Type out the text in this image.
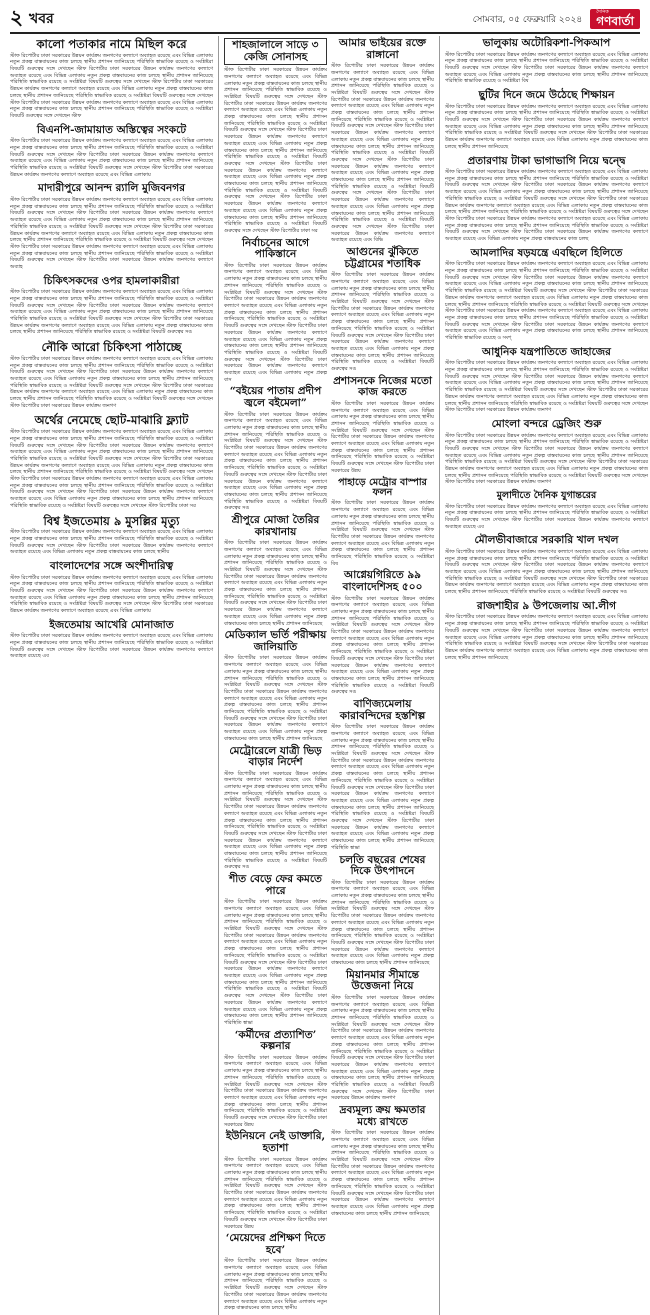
২ খবর	সোমবার, ০৫ ফেব্রুয়ারি ২০২৪
দৈনিক
গণবার্তা
কালো পতাকার নামে মিছিল করে
স্টাফ রিপোর্টার ঢাকা সরকারের উন্নয়ন কার্যক্রম জনগণের কল্যাণে অব্যাহত রয়েছে এবং বিভিন্ন এলাকায় নতুন প্রকল্প বাস্তবায়নের কাজ চলছে স্থানীয় প্রশাসন জানিয়েছে পরিস্থিতি স্বাভাবিক রয়েছে ও সংশ্লিষ্টরা বিষয়টি গুরুত্বের সঙ্গে দেখছেন স্টাফ রিপোর্টার ঢাকা সরকারের উন্নয়ন কার্যক্রম জনগণের কল্যাণে অব্যাহত রয়েছে এবং বিভিন্ন এলাকায় নতুন প্রকল্প বাস্তবায়নের কাজ চলছে স্থানীয় প্রশাসন জানিয়েছে পরিস্থিতি স্বাভাবিক রয়েছে ও সংশ্লিষ্টরা বিষয়টি গুরুত্বের সঙ্গে দেখছেন স্টাফ রিপোর্টার ঢাকা সরকারের উন্নয়ন কার্যক্রম জনগণের কল্যাণে অব্যাহত রয়েছে এবং বিভিন্ন এলাকায় নতুন প্রকল্প বাস্তবায়নের কাজ চলছে স্থানীয় প্রশাসন জানিয়েছে পরিস্থিতি স্বাভাবিক রয়েছে ও সংশ্লিষ্টরা বিষয়টি গুরুত্বের সঙ্গে দেখছেন স্টাফ রিপোর্টার ঢাকা সরকারের উন্নয়ন কার্যক্রম জনগণের কল্যাণে অব্যাহত রয়েছে এবং বিভিন্ন এলাকায় নতুন প্রকল্প বাস্তবায়নের কাজ চলছে স্থানীয় প্রশাসন জানিয়েছে পরিস্থিতি স্বাভাবিক রয়েছে ও সংশ্লিষ্টরা বিষয়টি গুরুত্বের সঙ্গে দেখছেন স্টাফ
বিএনপি-জামায়াত অস্তিত্বের সংকটে
স্টাফ রিপোর্টার ঢাকা সরকারের উন্নয়ন কার্যক্রম জনগণের কল্যাণে অব্যাহত রয়েছে এবং বিভিন্ন এলাকায় নতুন প্রকল্প বাস্তবায়নের কাজ চলছে স্থানীয় প্রশাসন জানিয়েছে পরিস্থিতি স্বাভাবিক রয়েছে ও সংশ্লিষ্টরা বিষয়টি গুরুত্বের সঙ্গে দেখছেন স্টাফ রিপোর্টার ঢাকা সরকারের উন্নয়ন কার্যক্রম জনগণের কল্যাণে অব্যাহত রয়েছে এবং বিভিন্ন এলাকায় নতুন প্রকল্প বাস্তবায়নের কাজ চলছে স্থানীয় প্রশাসন জানিয়েছে পরিস্থিতি স্বাভাবিক রয়েছে ও সংশ্লিষ্টরা বিষয়টি গুরুত্বের সঙ্গে দেখছেন স্টাফ রিপোর্টার ঢাকা সরকারের উন্নয়ন কার্যক্রম জনগণের কল্যাণে অব্যাহত রয়েছে এবং বিভিন্ন এলাকায়
মাদারীপুরে আনন্দ র‍্যালি মুজিবনগর
স্টাফ রিপোর্টার ঢাকা সরকারের উন্নয়ন কার্যক্রম জনগণের কল্যাণে অব্যাহত রয়েছে এবং বিভিন্ন এলাকায় নতুন প্রকল্প বাস্তবায়নের কাজ চলছে স্থানীয় প্রশাসন জানিয়েছে পরিস্থিতি স্বাভাবিক রয়েছে ও সংশ্লিষ্টরা বিষয়টি গুরুত্বের সঙ্গে দেখছেন স্টাফ রিপোর্টার ঢাকা সরকারের উন্নয়ন কার্যক্রম জনগণের কল্যাণে অব্যাহত রয়েছে এবং বিভিন্ন এলাকায় নতুন প্রকল্প বাস্তবায়নের কাজ চলছে স্থানীয় প্রশাসন জানিয়েছে পরিস্থিতি স্বাভাবিক রয়েছে ও সংশ্লিষ্টরা বিষয়টি গুরুত্বের সঙ্গে দেখছেন স্টাফ রিপোর্টার ঢাকা সরকারের উন্নয়ন কার্যক্রম জনগণের কল্যাণে অব্যাহত রয়েছে এবং বিভিন্ন এলাকায় নতুন প্রকল্প বাস্তবায়নের কাজ চলছে স্থানীয় প্রশাসন জানিয়েছে পরিস্থিতি স্বাভাবিক রয়েছে ও সংশ্লিষ্টরা বিষয়টি গুরুত্বের সঙ্গে দেখছেন স্টাফ রিপোর্টার ঢাকা সরকারের উন্নয়ন কার্যক্রম জনগণের কল্যাণে অব্যাহত রয়েছে এবং বিভিন্ন এলাকায় নতুন প্রকল্প বাস্তবায়নের কাজ চলছে স্থানীয় প্রশাসন জানিয়েছে পরিস্থিতি স্বাভাবিক রয়েছে ও সংশ্লিষ্টরা বিষয়টি গুরুত্বের সঙ্গে দেখছেন স্টাফ রিপোর্টার ঢাকা সরকারের উন্নয়ন কার্যক্রম জনগণের কল্যাণে অব্যাহ
চিকিৎসকদের ওপর হামলাকারীরা
স্টাফ রিপোর্টার ঢাকা সরকারের উন্নয়ন কার্যক্রম জনগণের কল্যাণে অব্যাহত রয়েছে এবং বিভিন্ন এলাকায় নতুন প্রকল্প বাস্তবায়নের কাজ চলছে স্থানীয় প্রশাসন জানিয়েছে পরিস্থিতি স্বাভাবিক রয়েছে ও সংশ্লিষ্টরা বিষয়টি গুরুত্বের সঙ্গে দেখছেন স্টাফ রিপোর্টার ঢাকা সরকারের উন্নয়ন কার্যক্রম জনগণের কল্যাণে অব্যাহত রয়েছে এবং বিভিন্ন এলাকায় নতুন প্রকল্প বাস্তবায়নের কাজ চলছে স্থানীয় প্রশাসন জানিয়েছে পরিস্থিতি স্বাভাবিক রয়েছে ও সংশ্লিষ্টরা বিষয়টি গুরুত্বের সঙ্গে দেখছেন স্টাফ রিপোর্টার ঢাকা সরকারের উন্নয়ন কার্যক্রম জনগণের কল্যাণে অব্যাহত রয়েছে এবং বিভিন্ন এলাকায় নতুন প্রকল্প বাস্তবায়নের কাজ চলছে স্থানীয় প্রশাসন জানিয়েছে পরিস্থিতি স্বাভাবিক রয়েছে ও সংশ্লিষ্টরা বিষয়টি গুরুত্বের সঙ
নৌকি আরো চিকিৎসা পাঠাচ্ছে
স্টাফ রিপোর্টার ঢাকা সরকারের উন্নয়ন কার্যক্রম জনগণের কল্যাণে অব্যাহত রয়েছে এবং বিভিন্ন এলাকায় নতুন প্রকল্প বাস্তবায়নের কাজ চলছে স্থানীয় প্রশাসন জানিয়েছে পরিস্থিতি স্বাভাবিক রয়েছে ও সংশ্লিষ্টরা বিষয়টি গুরুত্বের সঙ্গে দেখছেন স্টাফ রিপোর্টার ঢাকা সরকারের উন্নয়ন কার্যক্রম জনগণের কল্যাণে অব্যাহত রয়েছে এবং বিভিন্ন এলাকায় নতুন প্রকল্প বাস্তবায়নের কাজ চলছে স্থানীয় প্রশাসন জানিয়েছে পরিস্থিতি স্বাভাবিক রয়েছে ও সংশ্লিষ্টরা বিষয়টি গুরুত্বের সঙ্গে দেখছেন স্টাফ রিপোর্টার ঢাকা সরকারের উন্নয়ন কার্যক্রম জনগণের কল্যাণে অব্যাহত রয়েছে এবং বিভিন্ন এলাকায় নতুন প্রকল্প বাস্তবায়নের কাজ চলছে স্থানীয় প্রশাসন জানিয়েছে পরিস্থিতি স্বাভাবিক রয়েছে ও সংশ্লিষ্টরা বিষয়টি গুরুত্বের সঙ্গে দেখছেন স্টাফ রিপোর্টার ঢাকা সরকারের উন্নয়ন কার্যক্রম জনগণ
অর্থের নেমেছে ছোট-মাঝারি ফ্ল্যাট
স্টাফ রিপোর্টার ঢাকা সরকারের উন্নয়ন কার্যক্রম জনগণের কল্যাণে অব্যাহত রয়েছে এবং বিভিন্ন এলাকায় নতুন প্রকল্প বাস্তবায়নের কাজ চলছে স্থানীয় প্রশাসন জানিয়েছে পরিস্থিতি স্বাভাবিক রয়েছে ও সংশ্লিষ্টরা বিষয়টি গুরুত্বের সঙ্গে দেখছেন স্টাফ রিপোর্টার ঢাকা সরকারের উন্নয়ন কার্যক্রম জনগণের কল্যাণে অব্যাহত রয়েছে এবং বিভিন্ন এলাকায় নতুন প্রকল্প বাস্তবায়নের কাজ চলছে স্থানীয় প্রশাসন জানিয়েছে পরিস্থিতি স্বাভাবিক রয়েছে ও সংশ্লিষ্টরা বিষয়টি গুরুত্বের সঙ্গে দেখছেন স্টাফ রিপোর্টার ঢাকা সরকারের উন্নয়ন কার্যক্রম জনগণের কল্যাণে অব্যাহত রয়েছে এবং বিভিন্ন এলাকায় নতুন প্রকল্প বাস্তবায়নের কাজ চলছে স্থানীয় প্রশাসন জানিয়েছে পরিস্থিতি স্বাভাবিক রয়েছে ও সংশ্লিষ্টরা বিষয়টি গুরুত্বের সঙ্গে দেখছেন স্টাফ রিপোর্টার ঢাকা সরকারের উন্নয়ন কার্যক্রম জনগণের কল্যাণে অব্যাহত রয়েছে এবং বিভিন্ন এলাকায় নতুন প্রকল্প বাস্তবায়নের কাজ চলছে স্থানীয় প্রশাসন জানিয়েছে পরিস্থিতি স্বাভাবিক রয়েছে ও সংশ্লিষ্টরা বিষয়টি গুরুত্বের সঙ্গে দেখছেন স্টাফ রিপোর্টার ঢাকা সরকারের উন্নয়ন কার্যক্রম জনগণের কল্যাণে অব্যাহত রয়েছে এবং বিভিন্ন এলাকায় নতুন প্রকল্প বাস্তবায়নের কাজ চলছে স্থানীয় প্রশাসন জানিয়েছে পরিস্থিতি স্বাভাবিক রয়েছে ও সংশ্লিষ্টরা বিষয়টি গুরুত্বের সঙ্গে দেখছেন স্টাফ রিপোর্টার ঢাকা সর
বিশ্ব ইজতেমায় ৯ মুসল্লির মৃত্যু
স্টাফ রিপোর্টার ঢাকা সরকারের উন্নয়ন কার্যক্রম জনগণের কল্যাণে অব্যাহত রয়েছে এবং বিভিন্ন এলাকায় নতুন প্রকল্প বাস্তবায়নের কাজ চলছে স্থানীয় প্রশাসন জানিয়েছে পরিস্থিতি স্বাভাবিক রয়েছে ও সংশ্লিষ্টরা বিষয়টি গুরুত্বের সঙ্গে দেখছেন স্টাফ রিপোর্টার ঢাকা সরকারের উন্নয়ন কার্যক্রম জনগণের কল্যাণে অব্যাহত রয়েছে এবং বিভিন্ন এলাকায় নতুন প্রকল্প বাস্তবায়নের কাজ চলছে স্থানীয়
বাংলাদেশের সঙ্গে অংশীদারিত্ব
স্টাফ রিপোর্টার ঢাকা সরকারের উন্নয়ন কার্যক্রম জনগণের কল্যাণে অব্যাহত রয়েছে এবং বিভিন্ন এলাকায় নতুন প্রকল্প বাস্তবায়নের কাজ চলছে স্থানীয় প্রশাসন জানিয়েছে পরিস্থিতি স্বাভাবিক রয়েছে ও সংশ্লিষ্টরা বিষয়টি গুরুত্বের সঙ্গে দেখছেন স্টাফ রিপোর্টার ঢাকা সরকারের উন্নয়ন কার্যক্রম জনগণের কল্যাণে অব্যাহত রয়েছে এবং বিভিন্ন এলাকায় নতুন প্রকল্প বাস্তবায়নের কাজ চলছে স্থানীয় প্রশাসন জানিয়েছে পরিস্থিতি স্বাভাবিক রয়েছে ও সংশ্লিষ্টরা বিষয়টি গুরুত্বের সঙ্গে দেখছেন স্টাফ রিপোর্টার ঢাকা সরকারের উন্নয়ন কার্যক্রম জনগণের কল্যাণে অব্যাহত রয়েছে এবং বিভিন্ন এলাকায়
ইজতেমায় আখেরি মোনাজাত
স্টাফ রিপোর্টার ঢাকা সরকারের উন্নয়ন কার্যক্রম জনগণের কল্যাণে অব্যাহত রয়েছে এবং বিভিন্ন এলাকায় নতুন প্রকল্প বাস্তবায়নের কাজ চলছে স্থানীয় প্রশাসন জানিয়েছে পরিস্থিতি স্বাভাবিক রয়েছে ও সংশ্লিষ্টরা বিষয়টি গুরুত্বের সঙ্গে দেখছেন স্টাফ রিপোর্টার ঢাকা সরকারের উন্নয়ন কার্যক্রম জনগণের কল্যাণে অব্যাহত রয়েছে এব
শাহজালালে সাড়ে ৩ কেজি সোনাসহ
স্টাফ রিপোর্টার ঢাকা সরকারের উন্নয়ন কার্যক্রম জনগণের কল্যাণে অব্যাহত রয়েছে এবং বিভিন্ন এলাকায় নতুন প্রকল্প বাস্তবায়নের কাজ চলছে স্থানীয় প্রশাসন জানিয়েছে পরিস্থিতি স্বাভাবিক রয়েছে ও সংশ্লিষ্টরা বিষয়টি গুরুত্বের সঙ্গে দেখছেন স্টাফ রিপোর্টার ঢাকা সরকারের উন্নয়ন কার্যক্রম জনগণের কল্যাণে অব্যাহত রয়েছে এবং বিভিন্ন এলাকায় নতুন প্রকল্প বাস্তবায়নের কাজ চলছে স্থানীয় প্রশাসন জানিয়েছে পরিস্থিতি স্বাভাবিক রয়েছে ও সংশ্লিষ্টরা বিষয়টি গুরুত্বের সঙ্গে দেখছেন স্টাফ রিপোর্টার ঢাকা সরকারের উন্নয়ন কার্যক্রম জনগণের কল্যাণে অব্যাহত রয়েছে এবং বিভিন্ন এলাকায় নতুন প্রকল্প বাস্তবায়নের কাজ চলছে স্থানীয় প্রশাসন জানিয়েছে পরিস্থিতি স্বাভাবিক রয়েছে ও সংশ্লিষ্টরা বিষয়টি গুরুত্বের সঙ্গে দেখছেন স্টাফ রিপোর্টার ঢাকা সরকারের উন্নয়ন কার্যক্রম জনগণের কল্যাণে অব্যাহত রয়েছে এবং বিভিন্ন এলাকায় নতুন প্রকল্প বাস্তবায়নের কাজ চলছে স্থানীয় প্রশাসন জানিয়েছে পরিস্থিতি স্বাভাবিক রয়েছে ও সংশ্লিষ্টরা বিষয়টি গুরুত্বের সঙ্গে দেখছেন স্টাফ রিপোর্টার ঢাকা সরকারের উন্নয়ন কার্যক্রম জনগণের কল্যাণে অব্যাহত রয়েছে এবং বিভিন্ন এলাকায় নতুন প্রকল্প বাস্তবায়নের কাজ চলছে স্থানীয় প্রশাসন জানিয়েছে পরিস্থিতি স্বাভাবিক রয়েছে ও সংশ্লিষ্টরা বিষয়টি গুরুত্বের সঙ্গে দেখছেন স্টাফ রিপোর্টার ঢাকা সর
নির্বাচনের আগে পাকিস্তানে
স্টাফ রিপোর্টার ঢাকা সরকারের উন্নয়ন কার্যক্রম জনগণের কল্যাণে অব্যাহত রয়েছে এবং বিভিন্ন এলাকায় নতুন প্রকল্প বাস্তবায়নের কাজ চলছে স্থানীয় প্রশাসন জানিয়েছে পরিস্থিতি স্বাভাবিক রয়েছে ও সংশ্লিষ্টরা বিষয়টি গুরুত্বের সঙ্গে দেখছেন স্টাফ রিপোর্টার ঢাকা সরকারের উন্নয়ন কার্যক্রম জনগণের কল্যাণে অব্যাহত রয়েছে এবং বিভিন্ন এলাকায় নতুন প্রকল্প বাস্তবায়নের কাজ চলছে স্থানীয় প্রশাসন জানিয়েছে পরিস্থিতি স্বাভাবিক রয়েছে ও সংশ্লিষ্টরা বিষয়টি গুরুত্বের সঙ্গে দেখছেন স্টাফ রিপোর্টার ঢাকা সরকারের উন্নয়ন কার্যক্রম জনগণের কল্যাণে অব্যাহত রয়েছে এবং বিভিন্ন এলাকায় নতুন প্রকল্প বাস্তবায়নের কাজ চলছে স্থানীয় প্রশাসন জানিয়েছে পরিস্থিতি স্বাভাবিক রয়েছে ও সংশ্লিষ্টরা বিষয়টি গুরুত্বের সঙ্গে দেখছেন স্টাফ রিপোর্টার ঢাকা সরকারের উন্নয়ন কার্যক্রম জনগণের কল্যাণে অব্যাহত রয়েছে এবং বিভিন্ন এলাকায় নতুন প্রকল্প বাস
“বইয়ের পাতায় প্রদীপ জ্বলে বইমেলা”
স্টাফ রিপোর্টার ঢাকা সরকারের উন্নয়ন কার্যক্রম জনগণের কল্যাণে অব্যাহত রয়েছে এবং বিভিন্ন এলাকায় নতুন প্রকল্প বাস্তবায়নের কাজ চলছে স্থানীয় প্রশাসন জানিয়েছে পরিস্থিতি স্বাভাবিক রয়েছে ও সংশ্লিষ্টরা বিষয়টি গুরুত্বের সঙ্গে দেখছেন স্টাফ রিপোর্টার ঢাকা সরকারের উন্নয়ন কার্যক্রম জনগণের কল্যাণে অব্যাহত রয়েছে এবং বিভিন্ন এলাকায় নতুন প্রকল্প বাস্তবায়নের কাজ চলছে স্থানীয় প্রশাসন জানিয়েছে পরিস্থিতি স্বাভাবিক রয়েছে ও সংশ্লিষ্টরা বিষয়টি গুরুত্বের সঙ্গে দেখছেন স্টাফ রিপোর্টার ঢাকা সরকারের উন্নয়ন কার্যক্রম জনগণের কল্যাণে অব্যাহত রয়েছে এবং বিভিন্ন এলাকায় নতুন প্রকল্প বাস্তবায়নের কাজ চলছে স্থানীয় প্রশাসন জানিয়েছে পরিস্থিতি স্বাভাবিক রয়েছে ও সংশ্লিষ্টরা বিষয়টি গুরুত্বের সঙ
শ্রীপুরে মোজা তৈরির কারখানায়
স্টাফ রিপোর্টার ঢাকা সরকারের উন্নয়ন কার্যক্রম জনগণের কল্যাণে অব্যাহত রয়েছে এবং বিভিন্ন এলাকায় নতুন প্রকল্প বাস্তবায়নের কাজ চলছে স্থানীয় প্রশাসন জানিয়েছে পরিস্থিতি স্বাভাবিক রয়েছে ও সংশ্লিষ্টরা বিষয়টি গুরুত্বের সঙ্গে দেখছেন স্টাফ রিপোর্টার ঢাকা সরকারের উন্নয়ন কার্যক্রম জনগণের কল্যাণে অব্যাহত রয়েছে এবং বিভিন্ন এলাকায় নতুন প্রকল্প বাস্তবায়নের কাজ চলছে স্থানীয় প্রশাসন জানিয়েছে পরিস্থিতি স্বাভাবিক রয়েছে ও সংশ্লিষ্টরা বিষয়টি গুরুত্বের সঙ্গে দেখছেন স্টাফ রিপোর্টার ঢাকা সরকারের উন্নয়ন কার্যক্রম জনগণের কল্যাণে অব্যাহত রয়েছে এবং বিভিন্ন এলাকায় নতুন প্রকল্প বাস্তবায়নের কাজ চলছে স্থানীয় প্রশাসন জানিয়েছে
মেডিক্যাল ভর্তি পরীক্ষায় জালিয়াতি
স্টাফ রিপোর্টার ঢাকা সরকারের উন্নয়ন কার্যক্রম জনগণের কল্যাণে অব্যাহত রয়েছে এবং বিভিন্ন এলাকায় নতুন প্রকল্প বাস্তবায়নের কাজ চলছে স্থানীয় প্রশাসন জানিয়েছে পরিস্থিতি স্বাভাবিক রয়েছে ও সংশ্লিষ্টরা বিষয়টি গুরুত্বের সঙ্গে দেখছেন স্টাফ রিপোর্টার ঢাকা সরকারের উন্নয়ন কার্যক্রম জনগণের কল্যাণে অব্যাহত রয়েছে এবং বিভিন্ন এলাকায় নতুন প্রকল্প বাস্তবায়নের কাজ চলছে স্থানীয় প্রশাসন জানিয়েছে পরিস্থিতি স্বাভাবিক রয়েছে ও সংশ্লিষ্টরা বিষয়টি গুরুত্বের সঙ্গে দেখছেন স্টাফ রিপোর্টার ঢাকা সরকারের উন্নয়ন কার্যক্রম জনগণের কল্যাণে অব্যাহত রয়েছে এবং বিভিন্ন এলাকায় নতুন প্রকল্প বাস্তবায়নের কাজ চলছে স্থানীয় প্রশাসন জানিয়েছে
মেট্রোরেলে যাত্রী ভিড় বাড়ার নির্দেশ
স্টাফ রিপোর্টার ঢাকা সরকারের উন্নয়ন কার্যক্রম জনগণের কল্যাণে অব্যাহত রয়েছে এবং বিভিন্ন এলাকায় নতুন প্রকল্প বাস্তবায়নের কাজ চলছে স্থানীয় প্রশাসন জানিয়েছে পরিস্থিতি স্বাভাবিক রয়েছে ও সংশ্লিষ্টরা বিষয়টি গুরুত্বের সঙ্গে দেখছেন স্টাফ রিপোর্টার ঢাকা সরকারের উন্নয়ন কার্যক্রম জনগণের কল্যাণে অব্যাহত রয়েছে এবং বিভিন্ন এলাকায় নতুন প্রকল্প বাস্তবায়নের কাজ চলছে স্থানীয় প্রশাসন জানিয়েছে পরিস্থিতি স্বাভাবিক রয়েছে ও সংশ্লিষ্টরা বিষয়টি গুরুত্বের সঙ্গে দেখছেন স্টাফ রিপোর্টার ঢাকা সরকারের উন্নয়ন কার্যক্রম জনগণের কল্যাণে অব্যাহত রয়েছে এবং বিভিন্ন এলাকায় নতুন প্রকল্প বাস্তবায়নের কাজ চলছে স্থানীয় প্রশাসন জানিয়েছে পরিস্থিতি স্বাভাবিক রয়েছে ও সংশ্লিষ্টরা বিষয়টি গুরুত্বের সঙ
শীত বেড়ে ফের কমতে পারে
স্টাফ রিপোর্টার ঢাকা সরকারের উন্নয়ন কার্যক্রম জনগণের কল্যাণে অব্যাহত রয়েছে এবং বিভিন্ন এলাকায় নতুন প্রকল্প বাস্তবায়নের কাজ চলছে স্থানীয় প্রশাসন জানিয়েছে পরিস্থিতি স্বাভাবিক রয়েছে ও সংশ্লিষ্টরা বিষয়টি গুরুত্বের সঙ্গে দেখছেন স্টাফ রিপোর্টার ঢাকা সরকারের উন্নয়ন কার্যক্রম জনগণের কল্যাণে অব্যাহত রয়েছে এবং বিভিন্ন এলাকায় নতুন প্রকল্প বাস্তবায়নের কাজ চলছে স্থানীয় প্রশাসন জানিয়েছে পরিস্থিতি স্বাভাবিক রয়েছে ও সংশ্লিষ্টরা বিষয়টি গুরুত্বের সঙ্গে দেখছেন স্টাফ রিপোর্টার ঢাকা সরকারের উন্নয়ন কার্যক্রম জনগণের কল্যাণে অব্যাহত রয়েছে এবং বিভিন্ন এলাকায় নতুন প্রকল্প বাস্তবায়নের কাজ চলছে স্থানীয় প্রশাসন জানিয়েছে পরিস্থিতি স্বাভাবিক রয়েছে ও সংশ্লিষ্টরা বিষয়টি গুরুত্বের সঙ্গে দেখছেন স্টাফ রিপোর্টার ঢাকা সরকারের উন্নয়ন কার্যক্রম জনগণের কল্যাণে অব্যাহত রয়েছে এবং বিভিন্ন এলাকায় নতুন প্রকল্প বাস্তবায়নের কাজ চলছে স্থানীয় প্রশাসন জানিয়েছে পরিস্থিতি স্বাভা
‘কর্মীদের প্রত্যাশিত’ কল্পনার
স্টাফ রিপোর্টার ঢাকা সরকারের উন্নয়ন কার্যক্রম জনগণের কল্যাণে অব্যাহত রয়েছে এবং বিভিন্ন এলাকায় নতুন প্রকল্প বাস্তবায়নের কাজ চলছে স্থানীয় প্রশাসন জানিয়েছে পরিস্থিতি স্বাভাবিক রয়েছে ও সংশ্লিষ্টরা বিষয়টি গুরুত্বের সঙ্গে দেখছেন স্টাফ রিপোর্টার ঢাকা সরকারের উন্নয়ন কার্যক্রম জনগণের কল্যাণে অব্যাহত রয়েছে এবং বিভিন্ন এলাকায় নতুন প্রকল্প বাস্তবায়নের কাজ চলছে স্থানীয় প্রশাসন জানিয়েছে পরিস্থিতি স্বাভাবিক রয়েছে ও সংশ্লিষ্টরা বিষয়টি গুরুত্বের সঙ্গে দেখছেন স্টাফ রিপোর্টার ঢাকা সরকারের উন্নয
ইউনিয়নে নেই ডাক্তারি, হতাশা
স্টাফ রিপোর্টার ঢাকা সরকারের উন্নয়ন কার্যক্রম জনগণের কল্যাণে অব্যাহত রয়েছে এবং বিভিন্ন এলাকায় নতুন প্রকল্প বাস্তবায়নের কাজ চলছে স্থানীয় প্রশাসন জানিয়েছে পরিস্থিতি স্বাভাবিক রয়েছে ও সংশ্লিষ্টরা বিষয়টি গুরুত্বের সঙ্গে দেখছেন স্টাফ রিপোর্টার ঢাকা সরকারের উন্নয়ন কার্যক্রম জনগণের কল্যাণে অব্যাহত রয়েছে এবং বিভিন্ন এলাকায় নতুন প্রকল্প বাস্তবায়নের কাজ চলছে স্থানীয় প্রশাসন জানিয়েছে পরিস্থিতি স্বাভাবিক রয়েছে ও সংশ্লিষ্টরা বিষয়টি গুরুত্বের সঙ্গে দেখছেন স্টাফ রিপোর্টার ঢাকা সরকারের উন্নয
‘মেয়েদের প্রশিক্ষণ দিতে হবে’
স্টাফ রিপোর্টার ঢাকা সরকারের উন্নয়ন কার্যক্রম জনগণের কল্যাণে অব্যাহত রয়েছে এবং বিভিন্ন এলাকায় নতুন প্রকল্প বাস্তবায়নের কাজ চলছে স্থানীয় প্রশাসন জানিয়েছে পরিস্থিতি স্বাভাবিক রয়েছে ও সংশ্লিষ্টরা বিষয়টি গুরুত্বের সঙ্গে দেখছেন স্টাফ রিপোর্টার ঢাকা সরকারের উন্নয়ন কার্যক্রম জনগণের কল্যাণে অব্যাহত রয়েছে এবং বিভিন্ন এলাকায় নতুন প্রকল্প বাস্তবায়নের কাজ চলছে স্থানীয়
আমার ভাইয়ের রক্তে রাঙ্গানো
স্টাফ রিপোর্টার ঢাকা সরকারের উন্নয়ন কার্যক্রম জনগণের কল্যাণে অব্যাহত রয়েছে এবং বিভিন্ন এলাকায় নতুন প্রকল্প বাস্তবায়নের কাজ চলছে স্থানীয় প্রশাসন জানিয়েছে পরিস্থিতি স্বাভাবিক রয়েছে ও সংশ্লিষ্টরা বিষয়টি গুরুত্বের সঙ্গে দেখছেন স্টাফ রিপোর্টার ঢাকা সরকারের উন্নয়ন কার্যক্রম জনগণের কল্যাণে অব্যাহত রয়েছে এবং বিভিন্ন এলাকায় নতুন প্রকল্প বাস্তবায়নের কাজ চলছে স্থানীয় প্রশাসন জানিয়েছে পরিস্থিতি স্বাভাবিক রয়েছে ও সংশ্লিষ্টরা বিষয়টি গুরুত্বের সঙ্গে দেখছেন স্টাফ রিপোর্টার ঢাকা সরকারের উন্নয়ন কার্যক্রম জনগণের কল্যাণে অব্যাহত রয়েছে এবং বিভিন্ন এলাকায় নতুন প্রকল্প বাস্তবায়নের কাজ চলছে স্থানীয় প্রশাসন জানিয়েছে পরিস্থিতি স্বাভাবিক রয়েছে ও সংশ্লিষ্টরা বিষয়টি গুরুত্বের সঙ্গে দেখছেন স্টাফ রিপোর্টার ঢাকা সরকারের উন্নয়ন কার্যক্রম জনগণের কল্যাণে অব্যাহত রয়েছে এবং বিভিন্ন এলাকায় নতুন প্রকল্প বাস্তবায়নের কাজ চলছে স্থানীয় প্রশাসন জানিয়েছে পরিস্থিতি স্বাভাবিক রয়েছে ও সংশ্লিষ্টরা বিষয়টি গুরুত্বের সঙ্গে দেখছেন স্টাফ রিপোর্টার ঢাকা সরকারের উন্নয়ন কার্যক্রম জনগণের কল্যাণে অব্যাহত রয়েছে এবং বিভিন্ন এলাকায় নতুন প্রকল্প বাস্তবায়নের কাজ চলছে স্থানীয় প্রশাসন জানিয়েছে পরিস্থিতি স্বাভাবিক রয়েছে ও সংশ্লিষ্টরা বিষয়টি গুরুত্বের সঙ্গে দেখছেন স্টাফ রিপোর্টার ঢাকা সরকারের উন্নয়ন কার্যক্রম জনগণের কল্যাণে অব্যাহত রয়েছে এবং বিভি
আগুনের ঝুঁকিতে চট্টগ্রামের শতাধিক
স্টাফ রিপোর্টার ঢাকা সরকারের উন্নয়ন কার্যক্রম জনগণের কল্যাণে অব্যাহত রয়েছে এবং বিভিন্ন এলাকায় নতুন প্রকল্প বাস্তবায়নের কাজ চলছে স্থানীয় প্রশাসন জানিয়েছে পরিস্থিতি স্বাভাবিক রয়েছে ও সংশ্লিষ্টরা বিষয়টি গুরুত্বের সঙ্গে দেখছেন স্টাফ রিপোর্টার ঢাকা সরকারের উন্নয়ন কার্যক্রম জনগণের কল্যাণে অব্যাহত রয়েছে এবং বিভিন্ন এলাকায় নতুন প্রকল্প বাস্তবায়নের কাজ চলছে স্থানীয় প্রশাসন জানিয়েছে পরিস্থিতি স্বাভাবিক রয়েছে ও সংশ্লিষ্টরা বিষয়টি গুরুত্বের সঙ্গে দেখছেন স্টাফ রিপোর্টার ঢাকা সরকারের উন্নয়ন কার্যক্রম জনগণের কল্যাণে অব্যাহত রয়েছে এবং বিভিন্ন এলাকায় নতুন প্রকল্প বাস্তবায়নের কাজ চলছে স্থানীয় প্রশাসন জানিয়েছে পরিস্থিতি স্বাভাবিক রয়েছে ও সংশ্লিষ্টরা বিষয়টি গুরুত্বের সঙ
প্রশাসনকে নিজের মতো কাজ করতে
স্টাফ রিপোর্টার ঢাকা সরকারের উন্নয়ন কার্যক্রম জনগণের কল্যাণে অব্যাহত রয়েছে এবং বিভিন্ন এলাকায় নতুন প্রকল্প বাস্তবায়নের কাজ চলছে স্থানীয় প্রশাসন জানিয়েছে পরিস্থিতি স্বাভাবিক রয়েছে ও সংশ্লিষ্টরা বিষয়টি গুরুত্বের সঙ্গে দেখছেন স্টাফ রিপোর্টার ঢাকা সরকারের উন্নয়ন কার্যক্রম জনগণের কল্যাণে অব্যাহত রয়েছে এবং বিভিন্ন এলাকায় নতুন প্রকল্প বাস্তবায়নের কাজ চলছে স্থানীয় প্রশাসন জানিয়েছে পরিস্থিতি স্বাভাবিক রয়েছে ও সংশ্লিষ্টরা বিষয়টি গুরুত্বের সঙ্গে দেখছেন স্টাফ রিপোর্টার ঢাকা সরকারের উন্নয
পাহাড়ে মেট্রোর বাস্পার ফলন
স্টাফ রিপোর্টার ঢাকা সরকারের উন্নয়ন কার্যক্রম জনগণের কল্যাণে অব্যাহত রয়েছে এবং বিভিন্ন এলাকায় নতুন প্রকল্প বাস্তবায়নের কাজ চলছে স্থানীয় প্রশাসন জানিয়েছে পরিস্থিতি স্বাভাবিক রয়েছে ও সংশ্লিষ্টরা বিষয়টি গুরুত্বের সঙ্গে দেখছেন স্টাফ রিপোর্টার ঢাকা সরকারের উন্নয়ন কার্যক্রম জনগণের কল্যাণে অব্যাহত রয়েছে এবং বিভিন্ন এলাকায় নতুন প্রকল্প বাস্তবায়নের কাজ চলছে স্থানীয় প্রশাসন জানিয়েছে পরিস্থিতি স্বাভাবিক রয়েছে ও সংশ্লিষ্টরা বিষ
আগ্নেয়গিরিতে ৯৯ বাংলাদেশিসহ ৫০০
স্টাফ রিপোর্টার ঢাকা সরকারের উন্নয়ন কার্যক্রম জনগণের কল্যাণে অব্যাহত রয়েছে এবং বিভিন্ন এলাকায় নতুন প্রকল্প বাস্তবায়নের কাজ চলছে স্থানীয় প্রশাসন জানিয়েছে পরিস্থিতি স্বাভাবিক রয়েছে ও সংশ্লিষ্টরা বিষয়টি গুরুত্বের সঙ্গে দেখছেন স্টাফ রিপোর্টার ঢাকা সরকারের উন্নয়ন কার্যক্রম জনগণের কল্যাণে অব্যাহত রয়েছে এবং বিভিন্ন এলাকায় নতুন প্রকল্প বাস্তবায়নের কাজ চলছে স্থানীয় প্রশাসন জানিয়েছে পরিস্থিতি স্বাভাবিক রয়েছে ও সংশ্লিষ্টরা বিষয়টি গুরুত্বের সঙ্গে দেখছেন স্টাফ রিপোর্টার ঢাকা সরকারের উন্নয়ন কার্যক্রম জনগণের কল্যাণে অব্যাহত রয়েছে এবং বিভিন্ন এলাকায় নতুন প্রকল্প বাস্তবায়নের কাজ চলছে স্থানীয় প্রশাসন জানিয়েছে পরিস্থিতি স্বাভাবিক রয়েছে ও সংশ্লিষ্টরা বিষয়টি গুরুত্বের সঙ
বাণিজ্যমেলায় কারাবন্দিদের হস্তশিল্প
স্টাফ রিপোর্টার ঢাকা সরকারের উন্নয়ন কার্যক্রম জনগণের কল্যাণে অব্যাহত রয়েছে এবং বিভিন্ন এলাকায় নতুন প্রকল্প বাস্তবায়নের কাজ চলছে স্থানীয় প্রশাসন জানিয়েছে পরিস্থিতি স্বাভাবিক রয়েছে ও সংশ্লিষ্টরা বিষয়টি গুরুত্বের সঙ্গে দেখছেন স্টাফ রিপোর্টার ঢাকা সরকারের উন্নয়ন কার্যক্রম জনগণের কল্যাণে অব্যাহত রয়েছে এবং বিভিন্ন এলাকায় নতুন প্রকল্প বাস্তবায়নের কাজ চলছে স্থানীয় প্রশাসন জানিয়েছে পরিস্থিতি স্বাভাবিক রয়েছে ও সংশ্লিষ্টরা বিষয়টি গুরুত্বের সঙ্গে দেখছেন স্টাফ রিপোর্টার ঢাকা সরকারের উন্নয়ন কার্যক্রম জনগণের কল্যাণে অব্যাহত রয়েছে এবং বিভিন্ন এলাকায় নতুন প্রকল্প বাস্তবায়নের কাজ চলছে স্থানীয় প্রশাসন জানিয়েছে পরিস্থিতি স্বাভাবিক রয়েছে ও সংশ্লিষ্টরা বিষয়টি গুরুত্বের সঙ্গে দেখছেন স্টাফ রিপোর্টার ঢাকা সরকারের উন্নয়ন কার্যক্রম জনগণের কল্যাণে অব্যাহত রয়েছে এবং বিভিন্ন এলাকায় নতুন প্রকল্প বাস্তবায়নের কাজ চলছে স্থানীয় প্রশাসন জানিয়েছে পরিস্থিতি স্বাভা
চলতি বছরের শেষের দিকে উৎপাদনে
স্টাফ রিপোর্টার ঢাকা সরকারের উন্নয়ন কার্যক্রম জনগণের কল্যাণে অব্যাহত রয়েছে এবং বিভিন্ন এলাকায় নতুন প্রকল্প বাস্তবায়নের কাজ চলছে স্থানীয় প্রশাসন জানিয়েছে পরিস্থিতি স্বাভাবিক রয়েছে ও সংশ্লিষ্টরা বিষয়টি গুরুত্বের সঙ্গে দেখছেন স্টাফ রিপোর্টার ঢাকা সরকারের উন্নয়ন কার্যক্রম জনগণের কল্যাণে অব্যাহত রয়েছে এবং বিভিন্ন এলাকায় নতুন প্রকল্প বাস্তবায়নের কাজ চলছে স্থানীয় প্রশাসন জানিয়েছে পরিস্থিতি স্বাভাবিক রয়েছে ও সংশ্লিষ্টরা বিষয়টি গুরুত্বের সঙ্গে দেখছেন স্টাফ রিপোর্টার ঢাকা সরকারের উন্নয়ন কার্যক্রম জনগণের কল্যাণে অব্যাহত রয়েছে এবং বিভিন্ন এলাকায় নতুন প্রকল্প বাস্তবায়নের কাজ চলছে স্থানীয় প্রশাসন জানিয়েছে
মিয়ানমার সীমান্তে উত্তেজনা নিয়ে
স্টাফ রিপোর্টার ঢাকা সরকারের উন্নয়ন কার্যক্রম জনগণের কল্যাণে অব্যাহত রয়েছে এবং বিভিন্ন এলাকায় নতুন প্রকল্প বাস্তবায়নের কাজ চলছে স্থানীয় প্রশাসন জানিয়েছে পরিস্থিতি স্বাভাবিক রয়েছে ও সংশ্লিষ্টরা বিষয়টি গুরুত্বের সঙ্গে দেখছেন স্টাফ রিপোর্টার ঢাকা সরকারের উন্নয়ন কার্যক্রম জনগণের কল্যাণে অব্যাহত রয়েছে এবং বিভিন্ন এলাকায় নতুন প্রকল্প বাস্তবায়নের কাজ চলছে স্থানীয় প্রশাসন জানিয়েছে পরিস্থিতি স্বাভাবিক রয়েছে ও সংশ্লিষ্টরা বিষয়টি গুরুত্বের সঙ্গে দেখছেন স্টাফ রিপোর্টার ঢাকা সরকারের উন্নয়ন কার্যক্রম জনগণের কল্যাণে অব্যাহত রয়েছে এবং বিভিন্ন এলাকায় নতুন প্রকল্প বাস্তবায়নের কাজ চলছে স্থানীয় প্রশাসন জানিয়েছে পরিস্থিতি স্বাভাবিক রয়েছে ও সংশ্লিষ্টরা বিষয়টি গুরুত্বের সঙ্গে দেখছেন স্টাফ রিপোর্টার ঢাকা সরকারের উন্নয়ন কার্যক্রম জনগণ
দ্রব্যমূল্য ক্রয় ক্ষমতার মধ্যে রাখতে
স্টাফ রিপোর্টার ঢাকা সরকারের উন্নয়ন কার্যক্রম জনগণের কল্যাণে অব্যাহত রয়েছে এবং বিভিন্ন এলাকায় নতুন প্রকল্প বাস্তবায়নের কাজ চলছে স্থানীয় প্রশাসন জানিয়েছে পরিস্থিতি স্বাভাবিক রয়েছে ও সংশ্লিষ্টরা বিষয়টি গুরুত্বের সঙ্গে দেখছেন স্টাফ রিপোর্টার ঢাকা সরকারের উন্নয়ন কার্যক্রম জনগণের কল্যাণে অব্যাহত রয়েছে এবং বিভিন্ন এলাকায় নতুন প্রকল্প বাস্তবায়নের কাজ চলছে স্থানীয় প্রশাসন জানিয়েছে পরিস্থিতি স্বাভাবিক রয়েছে ও সংশ্লিষ্টরা বিষয়টি গুরুত্বের সঙ্গে দেখছেন স্টাফ রিপোর্টার ঢাকা সরকারের উন্নয়ন কার্যক্রম জনগণের কল্যাণে অব্যাহত রয়েছে এবং বিভিন্ন এলাকায় নতুন প্রকল্প বাস্তবায়নের কাজ চলছে স্থানীয় প্রশাসন জানিয়েছে
ভালুকায় অটোরিকশা-পিকআপ
স্টাফ রিপোর্টার ঢাকা সরকারের উন্নয়ন কার্যক্রম জনগণের কল্যাণে অব্যাহত রয়েছে এবং বিভিন্ন এলাকায় নতুন প্রকল্প বাস্তবায়নের কাজ চলছে স্থানীয় প্রশাসন জানিয়েছে পরিস্থিতি স্বাভাবিক রয়েছে ও সংশ্লিষ্টরা বিষয়টি গুরুত্বের সঙ্গে দেখছেন স্টাফ রিপোর্টার ঢাকা সরকারের উন্নয়ন কার্যক্রম জনগণের কল্যাণে অব্যাহত রয়েছে এবং বিভিন্ন এলাকায় নতুন প্রকল্প বাস্তবায়নের কাজ চলছে স্থানীয় প্রশাসন জানিয়েছে পরিস্থিতি স্বাভাবিক রয়েছে ও সংশ্লিষ্টরা বিষ
ছুটির দিনে জমে উঠেছে শিক্ষায়ন
স্টাফ রিপোর্টার ঢাকা সরকারের উন্নয়ন কার্যক্রম জনগণের কল্যাণে অব্যাহত রয়েছে এবং বিভিন্ন এলাকায় নতুন প্রকল্প বাস্তবায়নের কাজ চলছে স্থানীয় প্রশাসন জানিয়েছে পরিস্থিতি স্বাভাবিক রয়েছে ও সংশ্লিষ্টরা বিষয়টি গুরুত্বের সঙ্গে দেখছেন স্টাফ রিপোর্টার ঢাকা সরকারের উন্নয়ন কার্যক্রম জনগণের কল্যাণে অব্যাহত রয়েছে এবং বিভিন্ন এলাকায় নতুন প্রকল্প বাস্তবায়নের কাজ চলছে স্থানীয় প্রশাসন জানিয়েছে পরিস্থিতি স্বাভাবিক রয়েছে ও সংশ্লিষ্টরা বিষয়টি গুরুত্বের সঙ্গে দেখছেন স্টাফ রিপোর্টার ঢাকা সরকারের উন্নয়ন কার্যক্রম জনগণের কল্যাণে অব্যাহত রয়েছে এবং বিভিন্ন এলাকায় নতুন প্রকল্প বাস্তবায়নের কাজ চলছে স্থানীয় প্রশাসন জানিয়েছে
প্রতারণায় টাকা ভাগাভাগি নিয়ে দ্বন্দ্বে
স্টাফ রিপোর্টার ঢাকা সরকারের উন্নয়ন কার্যক্রম জনগণের কল্যাণে অব্যাহত রয়েছে এবং বিভিন্ন এলাকায় নতুন প্রকল্প বাস্তবায়নের কাজ চলছে স্থানীয় প্রশাসন জানিয়েছে পরিস্থিতি স্বাভাবিক রয়েছে ও সংশ্লিষ্টরা বিষয়টি গুরুত্বের সঙ্গে দেখছেন স্টাফ রিপোর্টার ঢাকা সরকারের উন্নয়ন কার্যক্রম জনগণের কল্যাণে অব্যাহত রয়েছে এবং বিভিন্ন এলাকায় নতুন প্রকল্প বাস্তবায়নের কাজ চলছে স্থানীয় প্রশাসন জানিয়েছে পরিস্থিতি স্বাভাবিক রয়েছে ও সংশ্লিষ্টরা বিষয়টি গুরুত্বের সঙ্গে দেখছেন স্টাফ রিপোর্টার ঢাকা সরকারের উন্নয়ন কার্যক্রম জনগণের কল্যাণে অব্যাহত রয়েছে এবং বিভিন্ন এলাকায় নতুন প্রকল্প বাস্তবায়নের কাজ চলছে স্থানীয় প্রশাসন জানিয়েছে পরিস্থিতি স্বাভাবিক রয়েছে ও সংশ্লিষ্টরা বিষয়টি গুরুত্বের সঙ্গে দেখছেন স্টাফ রিপোর্টার ঢাকা সরকারের উন্নয়ন কার্যক্রম জনগণের কল্যাণে অব্যাহত রয়েছে এবং বিভিন্ন এলাকায় নতুন প্রকল্প বাস্তবায়নের কাজ চলছে স্থানীয় প্রশাসন জানিয়েছে পরিস্থিতি স্বাভাবিক রয়েছে ও সংশ্লিষ্টরা বিষয়টি গুরুত্বের সঙ্গে দেখছেন স্টাফ রিপোর্টার ঢাকা সরকারের উন্নয়ন কার্যক্রম জনগণের কল্যাণে অব্যাহত রয়েছে এবং বিভিন্ন এলাকায় নতুন প্রকল্প বাস্তবায়নের কাজ চলছ
আমলাদির ষড়যন্ত্রে এবছিলে হিলিতে
স্টাফ রিপোর্টার ঢাকা সরকারের উন্নয়ন কার্যক্রম জনগণের কল্যাণে অব্যাহত রয়েছে এবং বিভিন্ন এলাকায় নতুন প্রকল্প বাস্তবায়নের কাজ চলছে স্থানীয় প্রশাসন জানিয়েছে পরিস্থিতি স্বাভাবিক রয়েছে ও সংশ্লিষ্টরা বিষয়টি গুরুত্বের সঙ্গে দেখছেন স্টাফ রিপোর্টার ঢাকা সরকারের উন্নয়ন কার্যক্রম জনগণের কল্যাণে অব্যাহত রয়েছে এবং বিভিন্ন এলাকায় নতুন প্রকল্প বাস্তবায়নের কাজ চলছে স্থানীয় প্রশাসন জানিয়েছে পরিস্থিতি স্বাভাবিক রয়েছে ও সংশ্লিষ্টরা বিষয়টি গুরুত্বের সঙ্গে দেখছেন স্টাফ রিপোর্টার ঢাকা সরকারের উন্নয়ন কার্যক্রম জনগণের কল্যাণে অব্যাহত রয়েছে এবং বিভিন্ন এলাকায় নতুন প্রকল্প বাস্তবায়নের কাজ চলছে স্থানীয় প্রশাসন জানিয়েছে পরিস্থিতি স্বাভাবিক রয়েছে ও সংশ্লিষ্টরা বিষয়টি গুরুত্বের সঙ্গে দেখছেন স্টাফ রিপোর্টার ঢাকা সরকারের উন্নয়ন কার্যক্রম জনগণের কল্যাণে অব্যাহত রয়েছে এবং বিভিন্ন এলাকায় নতুন প্রকল্প বাস্তবায়নের কাজ চলছে স্থানীয় প্রশাসন জানিয়েছে পরিস্থিতি স্বাভাবিক রয়েছে ও সংশ্লিষ্টরা বিষয়টি গুরুত্বের সঙ্গে দেখছেন স্টাফ রিপোর্টার ঢাকা সরকারের উন্নয়ন কার্যক্রম জনগণের কল্যাণে অব্যাহত রয়েছে এবং বিভিন্ন এলাকায় নতুন প্রকল্প বাস্তবায়নের কাজ চলছে স্থানীয় প্রশাসন জানিয়েছে পরিস্থিতি স্বাভাবিক রয়েছে ও সংশ্
আধুনিক যন্ত্রপাতিতে জাহাজের
স্টাফ রিপোর্টার ঢাকা সরকারের উন্নয়ন কার্যক্রম জনগণের কল্যাণে অব্যাহত রয়েছে এবং বিভিন্ন এলাকায় নতুন প্রকল্প বাস্তবায়নের কাজ চলছে স্থানীয় প্রশাসন জানিয়েছে পরিস্থিতি স্বাভাবিক রয়েছে ও সংশ্লিষ্টরা বিষয়টি গুরুত্বের সঙ্গে দেখছেন স্টাফ রিপোর্টার ঢাকা সরকারের উন্নয়ন কার্যক্রম জনগণের কল্যাণে অব্যাহত রয়েছে এবং বিভিন্ন এলাকায় নতুন প্রকল্প বাস্তবায়নের কাজ চলছে স্থানীয় প্রশাসন জানিয়েছে পরিস্থিতি স্বাভাবিক রয়েছে ও সংশ্লিষ্টরা বিষয়টি গুরুত্বের সঙ্গে দেখছেন স্টাফ রিপোর্টার ঢাকা সরকারের উন্নয়ন কার্যক্রম জনগণের কল্যাণে অব্যাহত রয়েছে এবং বিভিন্ন এলাকায় নতুন প্রকল্প বাস্তবায়নের কাজ চলছে স্থানীয় প্রশাসন জানিয়েছে পরিস্থিতি স্বাভাবিক রয়েছে ও সংশ্লিষ্টরা বিষয়টি গুরুত্বের সঙ্গে দেখছেন স্টাফ রিপোর্টার ঢাকা সরকারের উন্নয়ন কার্যক্রম জনগণ
মোংলা বন্দরে ড্রেজিং শুরু
স্টাফ রিপোর্টার ঢাকা সরকারের উন্নয়ন কার্যক্রম জনগণের কল্যাণে অব্যাহত রয়েছে এবং বিভিন্ন এলাকায় নতুন প্রকল্প বাস্তবায়নের কাজ চলছে স্থানীয় প্রশাসন জানিয়েছে পরিস্থিতি স্বাভাবিক রয়েছে ও সংশ্লিষ্টরা বিষয়টি গুরুত্বের সঙ্গে দেখছেন স্টাফ রিপোর্টার ঢাকা সরকারের উন্নয়ন কার্যক্রম জনগণের কল্যাণে অব্যাহত রয়েছে এবং বিভিন্ন এলাকায় নতুন প্রকল্প বাস্তবায়নের কাজ চলছে স্থানীয় প্রশাসন জানিয়েছে পরিস্থিতি স্বাভাবিক রয়েছে ও সংশ্লিষ্টরা বিষয়টি গুরুত্বের সঙ্গে দেখছেন স্টাফ রিপোর্টার ঢাকা সরকারের উন্নয়ন কার্যক্রম জনগণের কল্যাণে অব্যাহত রয়েছে এবং বিভিন্ন এলাকায় নতুন প্রকল্প বাস্তবায়নের কাজ চলছে স্থানীয় প্রশাসন জানিয়েছে পরিস্থিতি স্বাভাবিক রয়েছে ও সংশ্লিষ্টরা বিষয়টি গুরুত্বের সঙ্গে দেখছেন স্টাফ রিপোর্টার ঢাকা সরকারের উন্নয়ন কার্যক্রম জনগণ
মুলাদীতে দৈনিক যুগান্তরের
স্টাফ রিপোর্টার ঢাকা সরকারের উন্নয়ন কার্যক্রম জনগণের কল্যাণে অব্যাহত রয়েছে এবং বিভিন্ন এলাকায় নতুন প্রকল্প বাস্তবায়নের কাজ চলছে স্থানীয় প্রশাসন জানিয়েছে পরিস্থিতি স্বাভাবিক রয়েছে ও সংশ্লিষ্টরা বিষয়টি গুরুত্বের সঙ্গে দেখছেন স্টাফ রিপোর্টার ঢাকা সরকারের উন্নয়ন কার্যক্রম জনগণের কল্যাণে অব্যাহত রয়েছে এব
মৌলভীবাজারে সরকারি খাল দখল
স্টাফ রিপোর্টার ঢাকা সরকারের উন্নয়ন কার্যক্রম জনগণের কল্যাণে অব্যাহত রয়েছে এবং বিভিন্ন এলাকায় নতুন প্রকল্প বাস্তবায়নের কাজ চলছে স্থানীয় প্রশাসন জানিয়েছে পরিস্থিতি স্বাভাবিক রয়েছে ও সংশ্লিষ্টরা বিষয়টি গুরুত্বের সঙ্গে দেখছেন স্টাফ রিপোর্টার ঢাকা সরকারের উন্নয়ন কার্যক্রম জনগণের কল্যাণে অব্যাহত রয়েছে এবং বিভিন্ন এলাকায় নতুন প্রকল্প বাস্তবায়নের কাজ চলছে স্থানীয় প্রশাসন জানিয়েছে পরিস্থিতি স্বাভাবিক রয়েছে ও সংশ্লিষ্টরা বিষয়টি গুরুত্বের সঙ্গে দেখছেন স্টাফ রিপোর্টার ঢাকা সরকারের উন্নয়ন কার্যক্রম জনগণের কল্যাণে অব্যাহত রয়েছে এবং বিভিন্ন এলাকায় নতুন প্রকল্প বাস্তবায়নের কাজ চলছে স্থানীয় প্রশাসন জানিয়েছে পরিস্থিতি স্বাভাবিক রয়েছে ও সংশ্লিষ্টরা বিষয়টি গুরুত্বের সঙ
রাজশাহীর ৯ উপজেলায় আ.লীগ
স্টাফ রিপোর্টার ঢাকা সরকারের উন্নয়ন কার্যক্রম জনগণের কল্যাণে অব্যাহত রয়েছে এবং বিভিন্ন এলাকায় নতুন প্রকল্প বাস্তবায়নের কাজ চলছে স্থানীয় প্রশাসন জানিয়েছে পরিস্থিতি স্বাভাবিক রয়েছে ও সংশ্লিষ্টরা বিষয়টি গুরুত্বের সঙ্গে দেখছেন স্টাফ রিপোর্টার ঢাকা সরকারের উন্নয়ন কার্যক্রম জনগণের কল্যাণে অব্যাহত রয়েছে এবং বিভিন্ন এলাকায় নতুন প্রকল্প বাস্তবায়নের কাজ চলছে স্থানীয় প্রশাসন জানিয়েছে পরিস্থিতি স্বাভাবিক রয়েছে ও সংশ্লিষ্টরা বিষয়টি গুরুত্বের সঙ্গে দেখছেন স্টাফ রিপোর্টার ঢাকা সরকারের উন্নয়ন কার্যক্রম জনগণের কল্যাণে অব্যাহত রয়েছে এবং বিভিন্ন এলাকায় নতুন প্রকল্প বাস্তবায়নের কাজ চলছে স্থানীয় প্রশাসন জানিয়েছে
